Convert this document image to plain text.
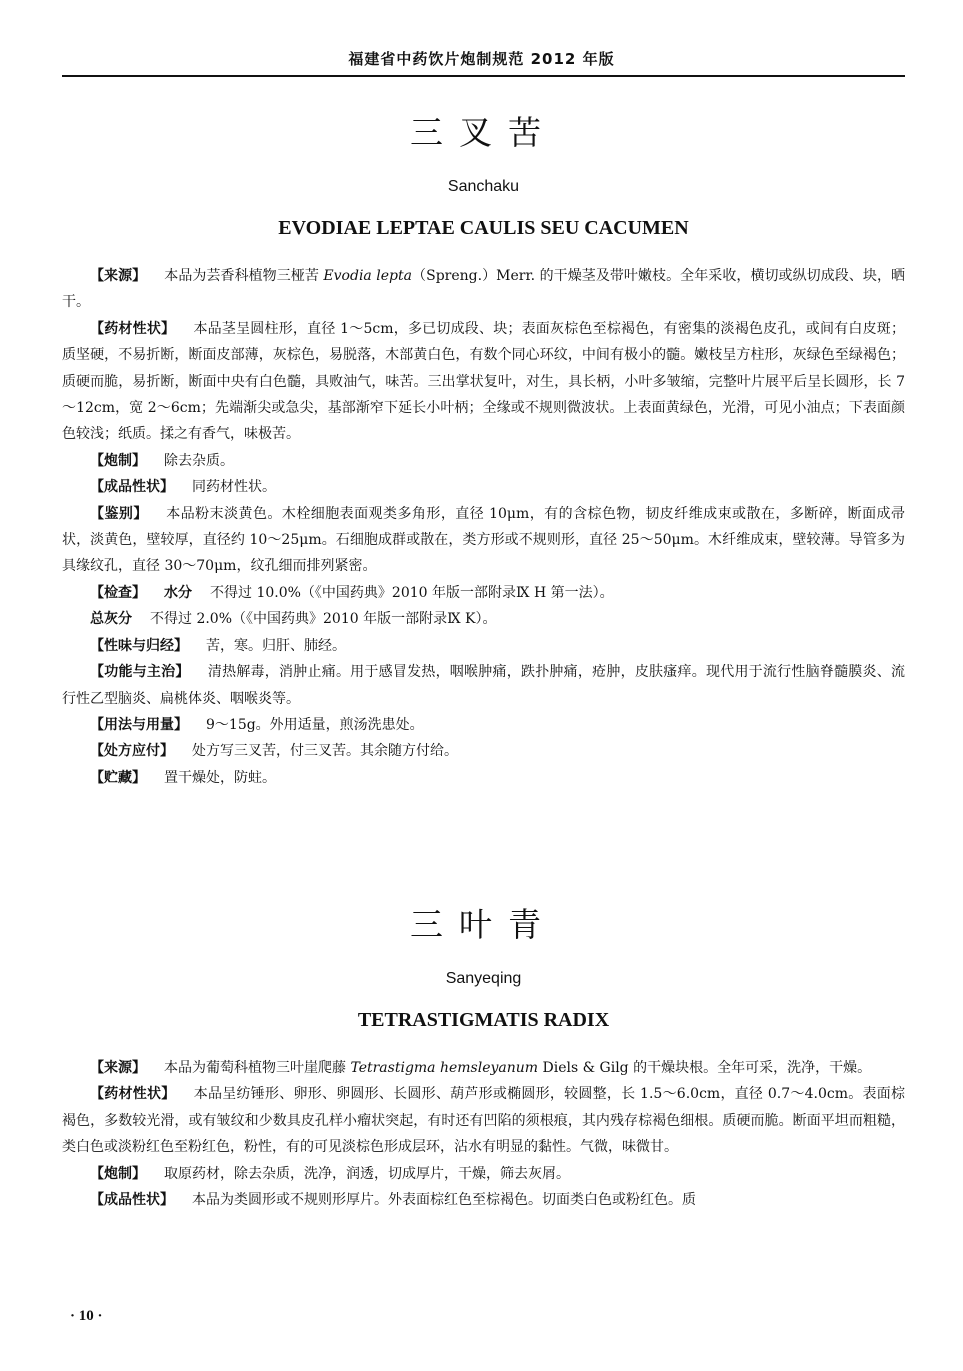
福建省中药饮片炮制规范 2012 年版
三叉苦
Sanchaku
EVODIAE LEPTAE CAULIS SEU CACUMEN

【来源】 本品为芸香科植物三桠苦 Evodia lepta（Spreng.）Merr. 的干燥茎及带叶嫩枝。全年采收，横切或纵切成段、块，晒干。

【药材性状】 本品茎呈圆柱形，直径 1～5cm，多已切成段、块；表面灰棕色至棕褐色，有密集的淡褐色皮孔，或间有白皮斑；质坚硬，不易折断，断面皮部薄，灰棕色，易脱落，木部黄白色，有数个同心环纹，中间有极小的髓。嫩枝呈方柱形，灰绿色至绿褐色；质硬而脆，易折断，断面中央有白色髓，具败油气，味苦。三出掌状复叶，对生，具长柄，小叶多皱缩，完整叶片展平后呈长圆形，长 7～12cm，宽 2～6cm；先端渐尖或急尖，基部渐窄下延长小叶柄；全缘或不规则微波状。上表面黄绿色，光滑，可见小油点；下表面颜色较浅；纸质。揉之有香气，味极苦。

【炮制】 除去杂质。

【成品性状】 同药材性状。

【鉴别】 本品粉末淡黄色。木栓细胞表面观类多角形，直径 10μm，有的含棕色物，韧皮纤维成束或散在，多断碎，断面成帚状，淡黄色，壁较厚，直径约 10～25μm。石细胞成群或散在，类方形或不规则形，直径 25～50μm。木纤维成束，壁较薄。导管多为具缘纹孔，直径 30～70μm，纹孔细而排列紧密。

【检查】 水分 不得过 10.0%（《中国药典》2010 年版一部附录Ⅸ H 第一法）。

总灰分 不得过 2.0%（《中国药典》2010 年版一部附录Ⅸ K）。

【性味与归经】 苦，寒。归肝、肺经。

【功能与主治】 清热解毒，消肿止痛。用于感冒发热，咽喉肿痛，跌扑肿痛，疮肿，皮肤瘙痒。现代用于流行性脑脊髓膜炎、流行性乙型脑炎、扁桃体炎、咽喉炎等。

【用法与用量】 9～15g。外用适量，煎汤洗患处。

【处方应付】 处方写三叉苦，付三叉苦。其余随方付给。

【贮藏】 置干燥处，防蛀。

三叶青
Sanyeqing
TETRASTIGMATIS RADIX

【来源】 本品为葡萄科植物三叶崖爬藤 Tetrastigma hemsleyanum Diels & Gilg 的干燥块根。全年可采，洗净，干燥。

【药材性状】 本品呈纺锤形、卵形、卵圆形、长圆形、葫芦形或椭圆形，较圆整，长 1.5～6.0cm，直径 0.7～4.0cm。表面棕褐色，多数较光滑，或有皱纹和少数具皮孔样小瘤状突起，有时还有凹陷的须根痕，其内残存棕褐色细根。质硬而脆。断面平坦而粗糙，类白色或淡粉红色至粉红色，粉性，有的可见淡棕色形成层环，沾水有明显的黏性。气微，味微甘。

【炮制】 取原药材，除去杂质，洗净，润透，切成厚片，干燥，筛去灰屑。

【成品性状】 本品为类圆形或不规则形厚片。外表面棕红色至棕褐色。切面类白色或粉红色。质

· 10 ·
